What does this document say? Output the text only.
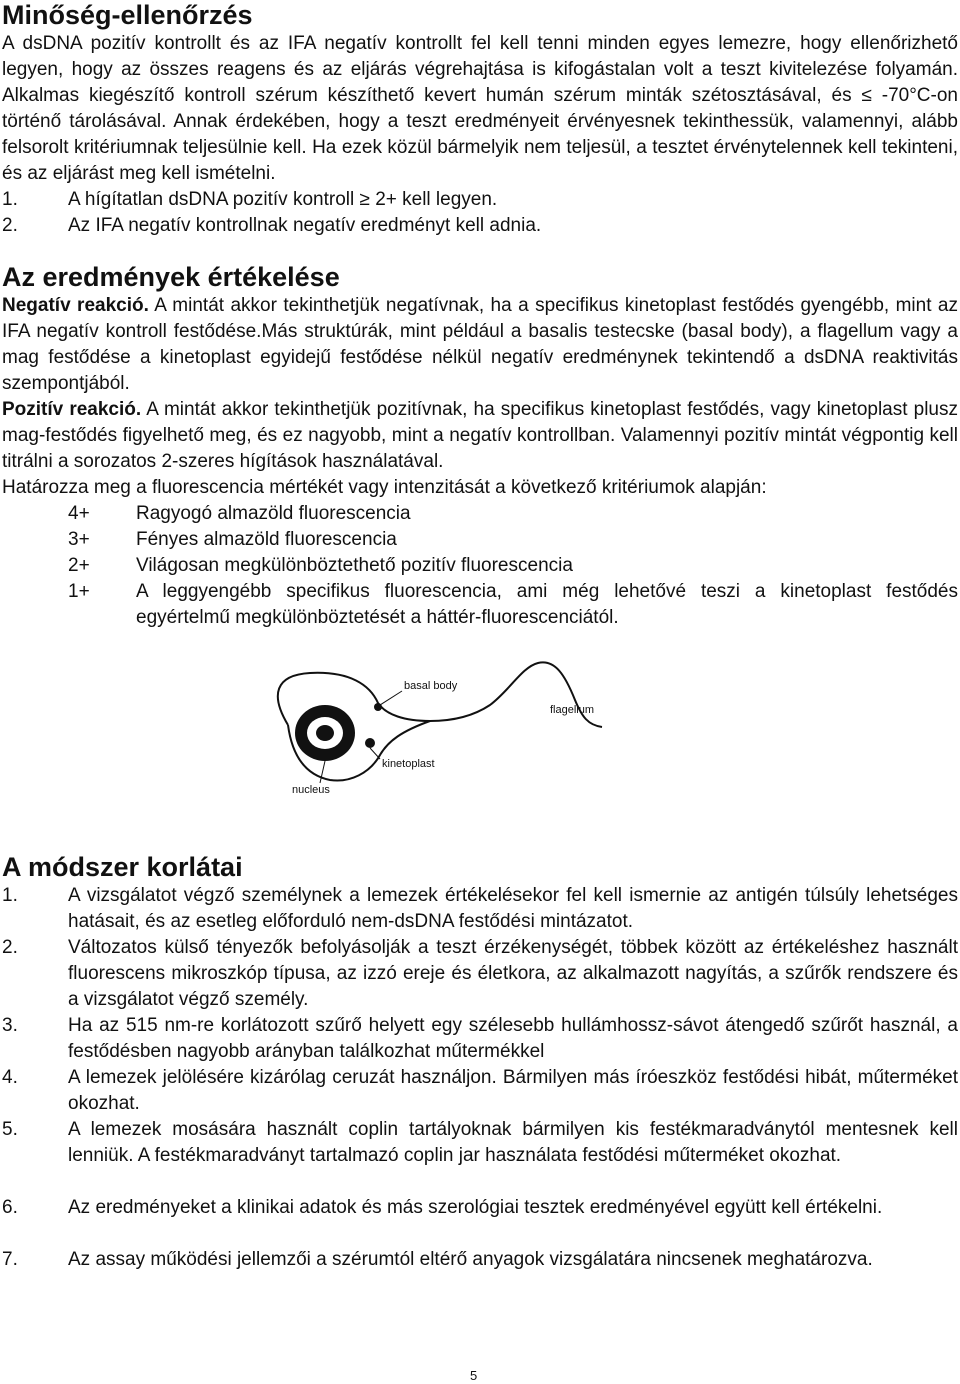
Minőség-ellenőrzés

A dsDNA pozitív kontrollt és az IFA negatív kontrollt fel kell tenni minden egyes lemezre, hogy ellenőrizhető legyen, hogy az összes reagens és az eljárás végrehajtása is kifogástalan volt a teszt kivitelezése folyamán. Alkalmas kiegészítő kontroll szérum készíthető kevert humán szérum minták szétosztásával, és ≤ -70°C-on történő tárolásával. Annak érdekében, hogy a teszt eredményeit érvényesnek tekinthessük, valamennyi, alább felsorolt kritériumnak teljesülnie kell. Ha ezek közül bármelyik nem teljesül, a tesztet érvénytelennek kell tekinteni, és az eljárást meg kell ismételni.

1.	A hígítatlan dsDNA pozitív kontroll ≥ 2+ kell legyen.
2.	Az IFA negatív kontrollnak negatív eredményt kell adnia.
Az eredmények értékelése

Negatív reakció. A mintát akkor tekinthetjük negatívnak, ha a specifikus kinetoplast festődés gyengébb, mint az IFA negatív kontroll festődése.Más struktúrák, mint például a basalis testecske (basal body), a flagellum vagy a mag festődése a kinetoplast egyidejű festődése nélkül negatív eredménynek tekintendő a dsDNA reaktivitás szempontjából.

Pozitív reakció. A mintát akkor tekinthetjük pozitívnak, ha specifikus kinetoplast festődés, vagy kinetoplast plusz mag-festődés figyelhető meg, és ez nagyobb, mint a negatív kontrollban. Valamennyi pozitív mintát végpontig kell titrálni a sorozatos 2-szeres hígítások használatával.

Határozza meg a fluorescencia mértékét vagy intenzitását a következő kritériumok alapján:

4+ Ragyogó almazöld fluorescencia
3+ Fényes almazöld fluorescencia
2+ Világosan megkülönböztethető pozitív fluorescencia
1+ A leggyengébb specifikus fluorescencia, ami még lehetővé teszi a kinetoplast festődés egyértelmű megkülönböztetését a háttér-fluorescenciától.
basal body
flagellum
kinetoplast
nucleus
A módszer korlátai
1.	A vizsgálatot végző személynek a lemezek értékelésekor fel kell ismernie az antigén túlsúly lehetséges hatásait, és az esetleg előforduló nem-dsDNA festődési mintázatot.
2.	Változatos külső tényezők befolyásolják a teszt érzékenységét, többek között az értékeléshez használt fluorescens mikroszkóp típusa, az izzó ereje és életkora, az alkalmazott nagyítás, a szűrők rendszere és a vizsgálatot végző személy.
3.	Ha az 515 nm-re korlátozott szűrő helyett egy szélesebb hullámhossz-sávot átengedő szűrőt használ, a festődésben nagyobb arányban találkozhat műtermékkel
4.	A lemezek jelölésére kizárólag ceruzát használjon. Bármilyen más íróeszköz festődési hibát, műterméket okozhat.
5.	A lemezek mosására használt coplin tartályoknak bármilyen kis festékmaradványtól mentesnek kell lenniük. A festékmaradványt tartalmazó coplin jar használata festődési műterméket okozhat.
6.	Az eredményeket a klinikai adatok és más szerológiai tesztek eredményével együtt kell értékelni.
7.	Az assay működési jellemzői a szérumtól eltérő anyagok vizsgálatára nincsenek meghatározva.
5
